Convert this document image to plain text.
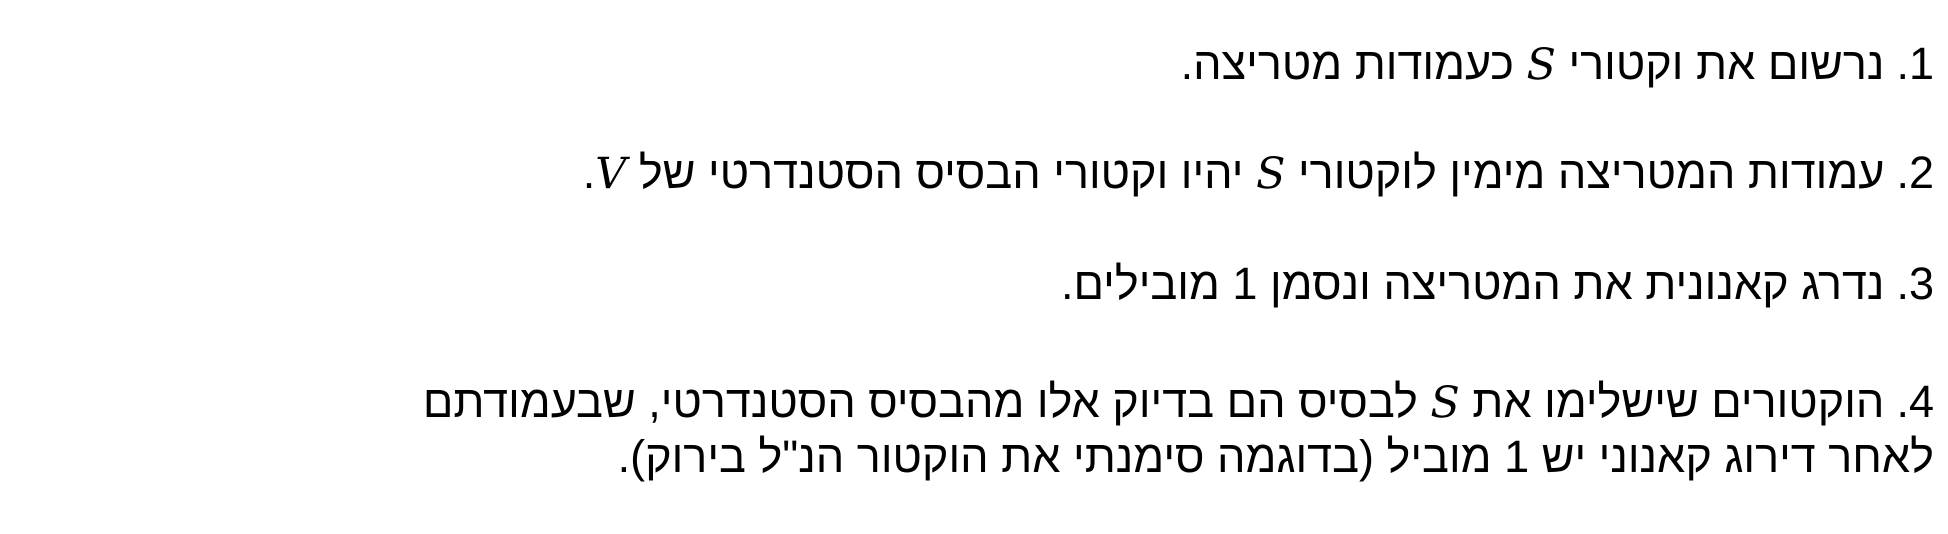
1.נרשום את וקטורי S כעמודות מטריצה.
2.עמודות המטריצה מימין לוקטורי S יהיו וקטורי הבסיס הסטנדרטי של V.
3.נדרג קאנונית את המטריצה ונסמן 1 מובילים.
4.הוקטורים שישלימו את S לבסיס הם בדיוק אלו מהבסיס הסטנדרטי, שבעמודתם
לאחר דירוג קאנוני יש 1 מוביל (בדוגמה סימנתי את הוקטור הנ"ל בירוק).
